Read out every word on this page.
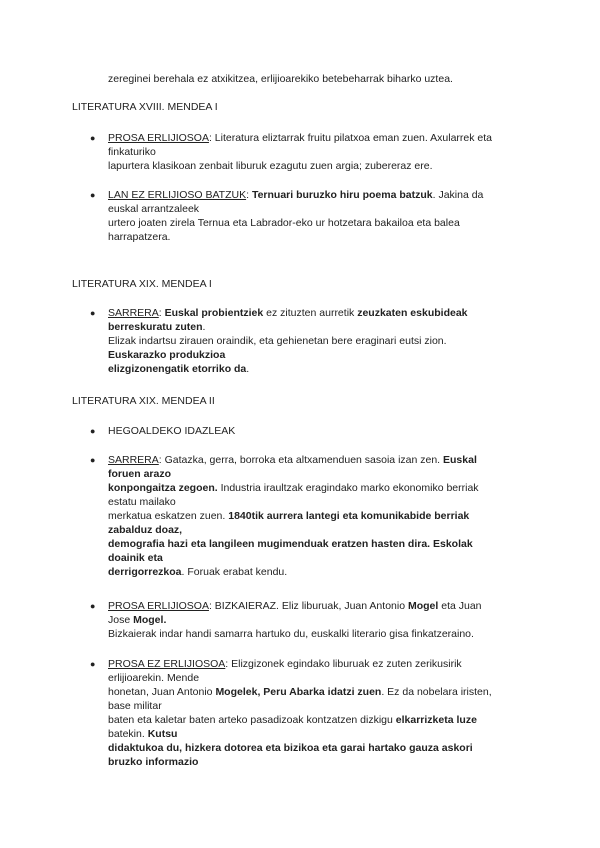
zereginei berehala ez atxikitzea, erlijioarekiko betebeharrak biharko uztea.

LITERATURA XVIII. MENDEA I

● PROSA ERLIJIOSOA: Literatura eliztarrak fruitu pilatxoa eman zuen. Axularrek eta
finkaturiko
lapurtera klasikoan zenbait liburuk ezagutu zuen argia; zubereraz ere.
● LAN EZ ERLIJIOSO BATZUK: Ternuari buruzko hiru poema batzuk. Jakina da
euskal arrantzaleek
urtero joaten zirela Ternua eta Labrador-eko ur hotzetara bakailoa eta balea
harrapatzera.

LITERATURA XIX. MENDEA I

● SARRERA: Euskal probientziek ez zituzten aurretik zeuzkaten eskubideak
berreskuratu zuten.
Elizak indartsu zirauen oraindik, eta gehienetan bere eraginari eutsi zion.
Euskarazko produkzioa
elizgizonengatik etorriko da.

LITERATURA XIX. MENDEA II

● HEGOALDEKO IDAZLEAK
● SARRERA: Gatazka, gerra, borroka eta altxamenduen sasoia izan zen. Euskal
foruen arazo
konpongaitza zegoen. Industria iraultzak eragindako marko ekonomiko berriak
estatu mailako
merkatua eskatzen zuen. 1840tik aurrera lantegi eta komunikabide berriak
zabalduz doaz,
demografia hazi eta langileen mugimenduak eratzen hasten dira. Eskolak
doainik eta
derrigorrezkoa. Foruak erabat kendu.
● PROSA ERLIJIOSOA: BIZKAIERAZ. Eliz liburuak, Juan Antonio Mogel eta Juan
Jose Mogel.
Bizkaierak indar handi samarra hartuko du, euskalki literario gisa finkatzeraino.
● PROSA EZ ERLIJIOSOA: Elizgizonek egindako liburuak ez zuten zerikusirik
erlijioarekin. Mende
honetan, Juan Antonio Mogelek, Peru Abarka idatzi zuen. Ez da nobelara iristen,
base militar
baten eta kaletar baten arteko pasadizoak kontzatzen dizkigu elkarrizketa luze
batekin. Kutsu
didaktukoa du, hizkera dotorea eta bizikoa eta garai hartako gauza askori
bruzko informazio
